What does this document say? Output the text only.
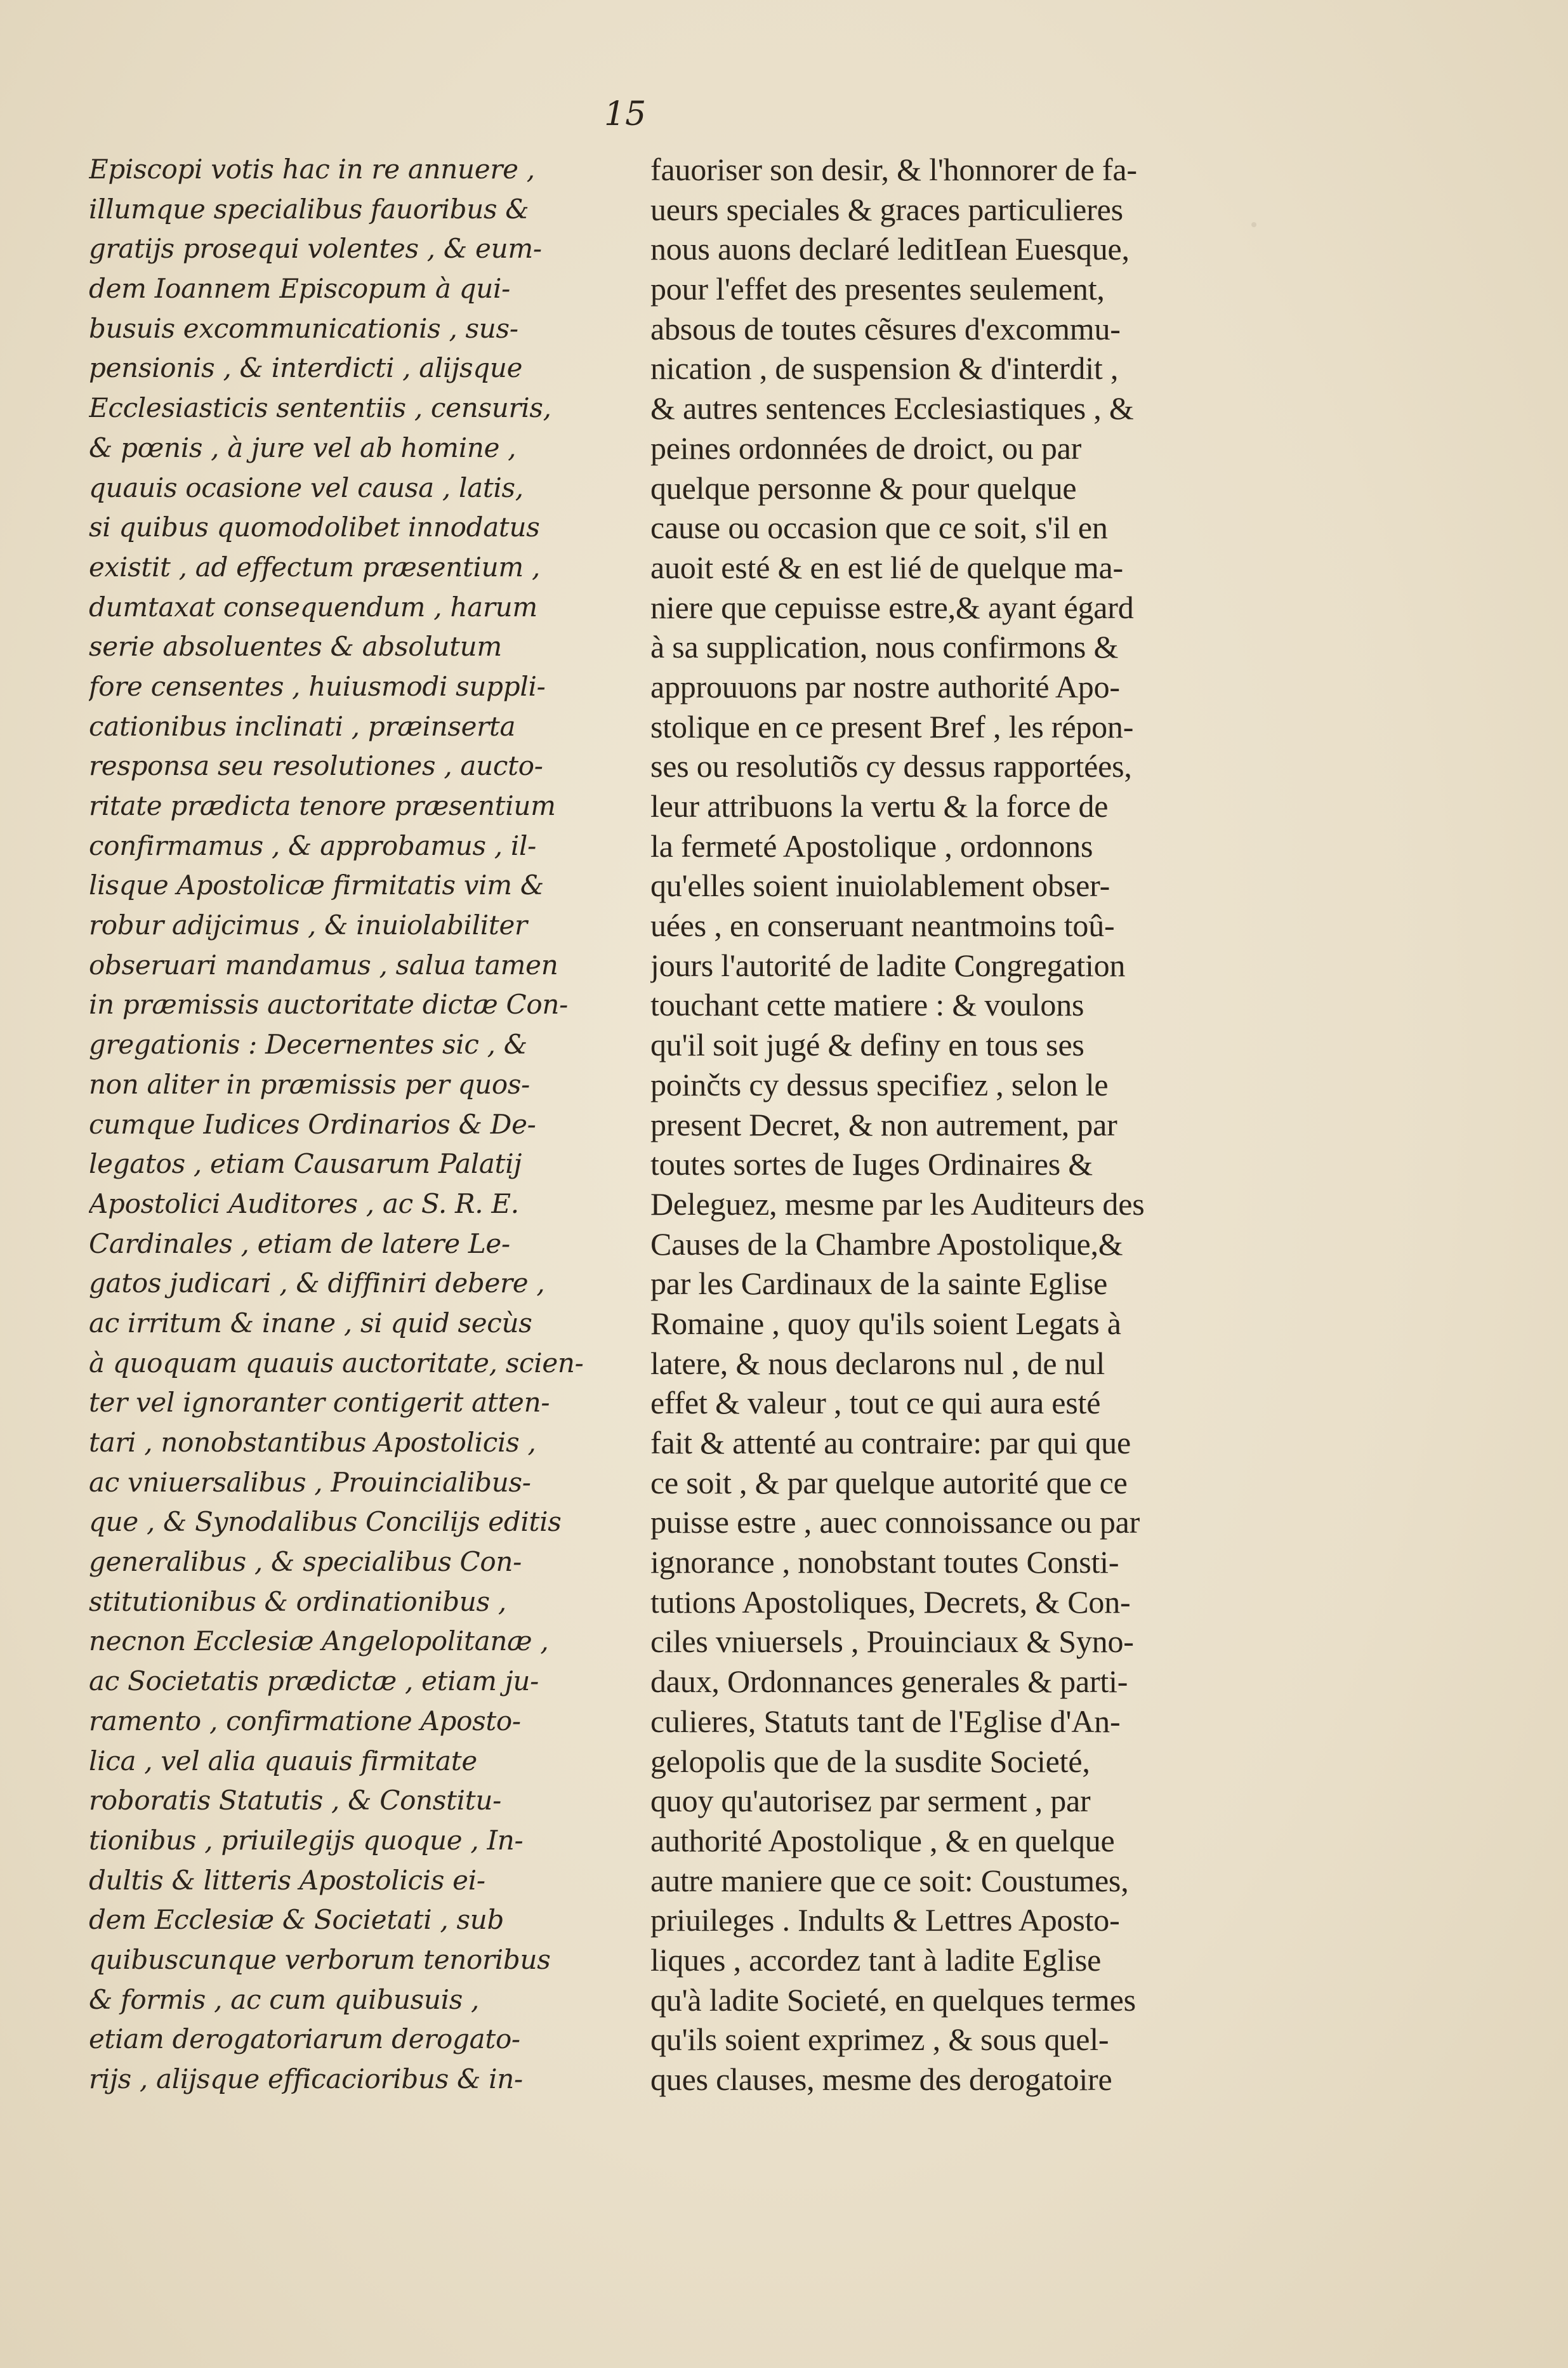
15
Episcopi votis hac in re annuere ,
illumque specialibus fauoribus &
gratijs prosequi volentes , & eum-
dem Ioannem Episcopum à qui-
busuis excommunicationis , sus-
pensionis , & interdicti , alijsque
Ecclesiasticis sententiis , censuris,
& pœnis , à jure vel ab homine ,
quauis ocasione vel causa , latis,
si quibus quomodolibet innodatus
existit , ad effectum præsentium ,
dumtaxat consequendum , harum
serie absoluentes & absolutum
fore censentes , huiusmodi suppli-
cationibus inclinati , præinserta
responsa seu resolutiones , aucto-
ritate prædicta tenore præsentium
confirmamus , & approbamus , il-
lisque Apostolicæ firmitatis vim &
robur adijcimus , & inuiolabiliter
obseruari mandamus , salua tamen
in præmissis auctoritate dictæ Con-
gregationis : Decernentes sic , &
non aliter in præmissis per quos-
cumque Iudices Ordinarios & De-
legatos , etiam Causarum Palatij
Apostolici Auditores , ac S. R. E.
Cardinales , etiam de latere Le-
gatos judicari , & diffiniri debere ,
ac irritum & inane , si quid secùs
à quoquam quauis auctoritate, scien-
ter vel ignoranter contigerit atten-
tari , nonobstantibus Apostolicis ,
ac vniuersalibus , Prouincialibus-
que , & Synodalibus Concilijs editis
generalibus , & specialibus Con-
stitutionibus & ordinationibus ,
necnon Ecclesiæ Angelopolitanæ ,
ac Societatis prædictæ , etiam ju-
ramento , confirmatione Aposto-
lica , vel alia quauis firmitate
roboratis Statutis , & Constitu-
tionibus , priuilegijs quoque , In-
dultis & litteris Apostolicis ei-
dem Ecclesiæ & Societati , sub
quibuscunque verborum tenoribus
& formis , ac cum quibusuis ,
etiam derogatoriarum derogato-
rijs , alijsque efficacioribus & in-
fauoriser son desir, & l'honnorer de fa-
ueurs speciales & graces particulieres
nous auons declaré leditIean Euesque,
pour l'effet des presentes seulement,
absous de toutes cẽsures d'excommu-
nication , de suspension & d'interdit ,
& autres sentences Ecclesiastiques , &
peines ordonnées de droict, ou par
quelque personne & pour quelque
cause ou occasion que ce soit, s'il en
auoit esté & en est lié de quelque ma-
niere que cepuisse estre,& ayant égard
à sa supplication, nous confirmons &
approuuons par nostre authorité Apo-
stolique en ce present Bref , les répon-
ses ou resolutiõs cy dessus rapportées,
leur attribuons la vertu & la force de
la fermeté Apostolique , ordonnons
qu'elles soient inuiolablement obser-
uées , en conseruant neantmoins toû-
jours l'autorité de ladite Congregation
touchant cette matiere : & voulons
qu'il soit jugé & definy en tous ses
poinčts cy dessus specifiez , selon le
present Decret, & non autrement, par
toutes sortes de Iuges Ordinaires &
Deleguez, mesme par les Auditeurs des
Causes de la Chambre Apostolique,&
par les Cardinaux de la sainte Eglise
Romaine , quoy qu'ils soient Legats à
latere, & nous declarons nul , de nul
effet & valeur , tout ce qui aura esté
fait & attenté au contraire: par qui que
ce soit , & par quelque autorité que ce
puisse estre , auec connoissance ou par
ignorance , nonobstant toutes Consti-
tutions Apostoliques, Decrets, & Con-
ciles vniuersels , Prouinciaux & Syno-
daux, Ordonnances generales & parti-
culieres, Statuts tant de l'Eglise d'An-
gelopolis que de la susdite Societé,
quoy qu'autorisez par serment , par
authorité Apostolique , & en quelque
autre maniere que ce soit: Coustumes,
priuileges . Indults & Lettres Aposto-
liques , accordez tant à ladite Eglise
qu'à ladite Societé, en quelques termes
qu'ils soient exprimez , & sous quel-
ques clauses, mesme des derogatoire
